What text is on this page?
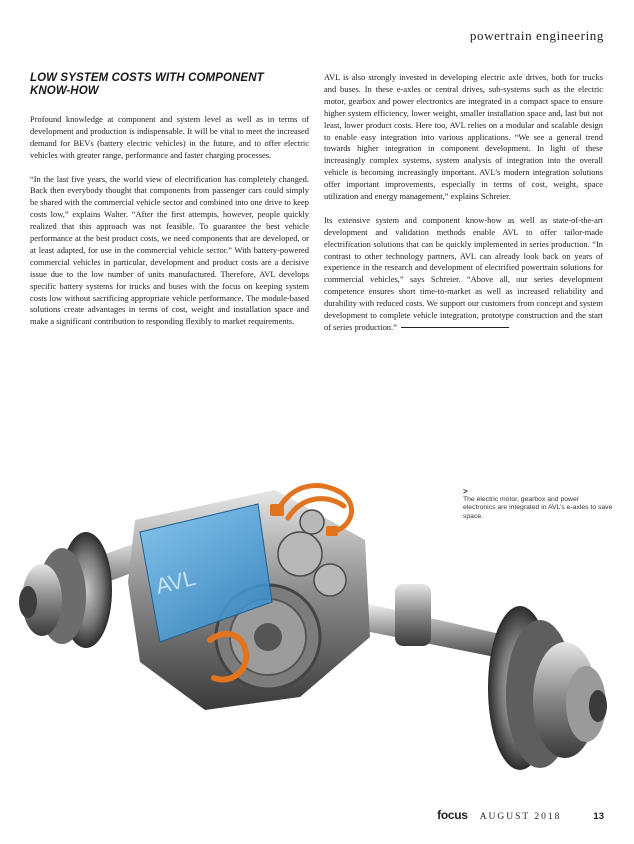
powertrain engineering
LOW SYSTEM COSTS WITH COMPONENT KNOW-HOW

Profound knowledge at component and system level as well as in terms of development and production is indispensable. It will be vital to meet the increased demand for BEVs (battery electric vehicles) in the future, and to offer electric vehicles with greater range, performance and faster charging processes.

“In the last five years, the world view of electrification has completely changed. Back then everybody thought that components from passenger cars could simply be shared with the commercial vehicle sector and combined into one drive to keep costs low,” explains Walter. “After the first attempts, however, people quickly realized that this approach was not feasible. To guarantee the best vehicle performance at the best product costs, we need components that are developed, or at least adapted, for use in the commercial vehicle sector.” With battery-powered commercial vehicles in particular, development and product costs are a decisive issue due to the low number of units manufactured. Therefore, AVL develops specific battery systems for trucks and buses with the focus on keeping system costs low without sacrificing appropriate vehicle performance. The module-based solutions create advantages in terms of cost, weight and installation space and make a significant contribution to responding flexibly to market requirements.

AVL is also strongly invested in developing electric axle drives, both for trucks and buses. In these e-axles or central drives, sub-systems such as the electric motor, gearbox and power electronics are integrated in a compact space to ensure higher system efficiency, lower weight, smaller installation space and, last but not least, lower product costs. Here too, AVL relies on a modular and scalable design to enable easy integration into various applications. “We see a general trend towards higher integration in component development. In light of these increasingly complex systems, system analysis of integration into the overall vehicle is becoming increasingly important. AVL’s modern integration solutions offer important improvements, especially in terms of cost, weight, space utilization and energy management,” explains Schreier.

Its extensive system and component know-how as well as state-of-the-art development and validation methods enable AVL to offer tailor-made electrification solutions that can be quickly implemented in series production. “In contrast to other technology partners, AVL can already look back on years of experience in the research and development of electrified powertrain solutions for commercial vehicles,” says Schreier. “Above all, our series development competence ensures short time-to-market as well as increased reliability and durability with reduced costs. We support our customers from concept and system development to complete vehicle integration, prototype construction and the start of series production.”

AVL
>
The electric motor, gearbox and power electronics are integrated in AVL’s e-axles to save space.
focus AUGUST 2018	13
